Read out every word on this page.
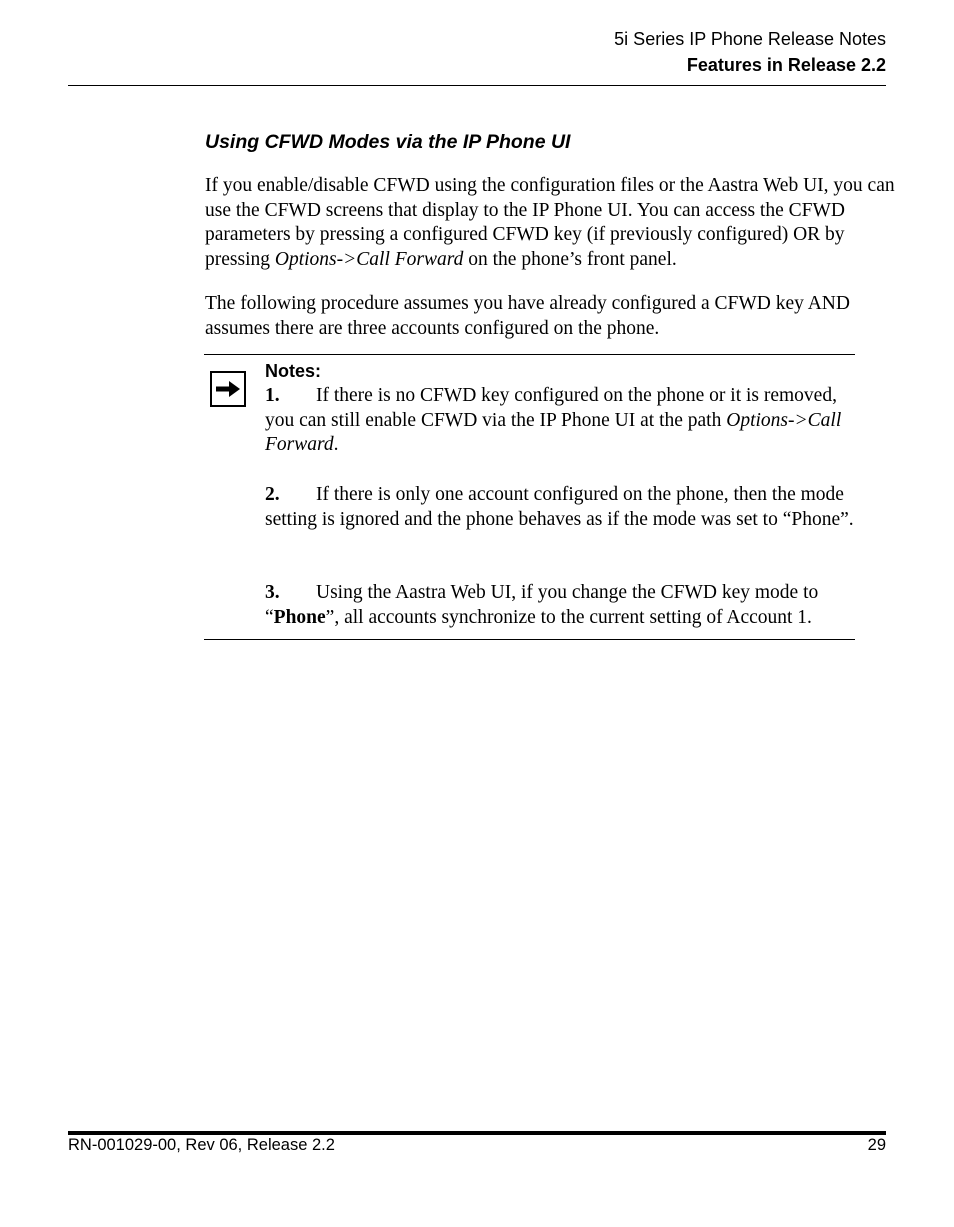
5i Series IP Phone Release Notes
Features in Release 2.2
Using CFWD Modes via the IP Phone UI
If you enable/disable CFWD using the configuration files or the Aastra Web UI, you can use the CFWD screens that display to the IP Phone UI. You can access the CFWD parameters by pressing a configured CFWD key (if previously configured) OR by pressing Options->Call Forward on the phone’s front panel.
The following procedure assumes you have already configured a CFWD key AND assumes there are three accounts configured on the phone.
Notes:
1. If there is no CFWD key configured on the phone or it is removed, you can still enable CFWD via the IP Phone UI at the path Options->Call Forward.
2. If there is only one account configured on the phone, then the mode setting is ignored and the phone behaves as if the mode was set to “Phone”.
3. Using the Aastra Web UI, if you change the CFWD key mode to “Phone”, all accounts synchronize to the current setting of Account 1.
RN-001029-00, Rev 06, Release 2.2	29
